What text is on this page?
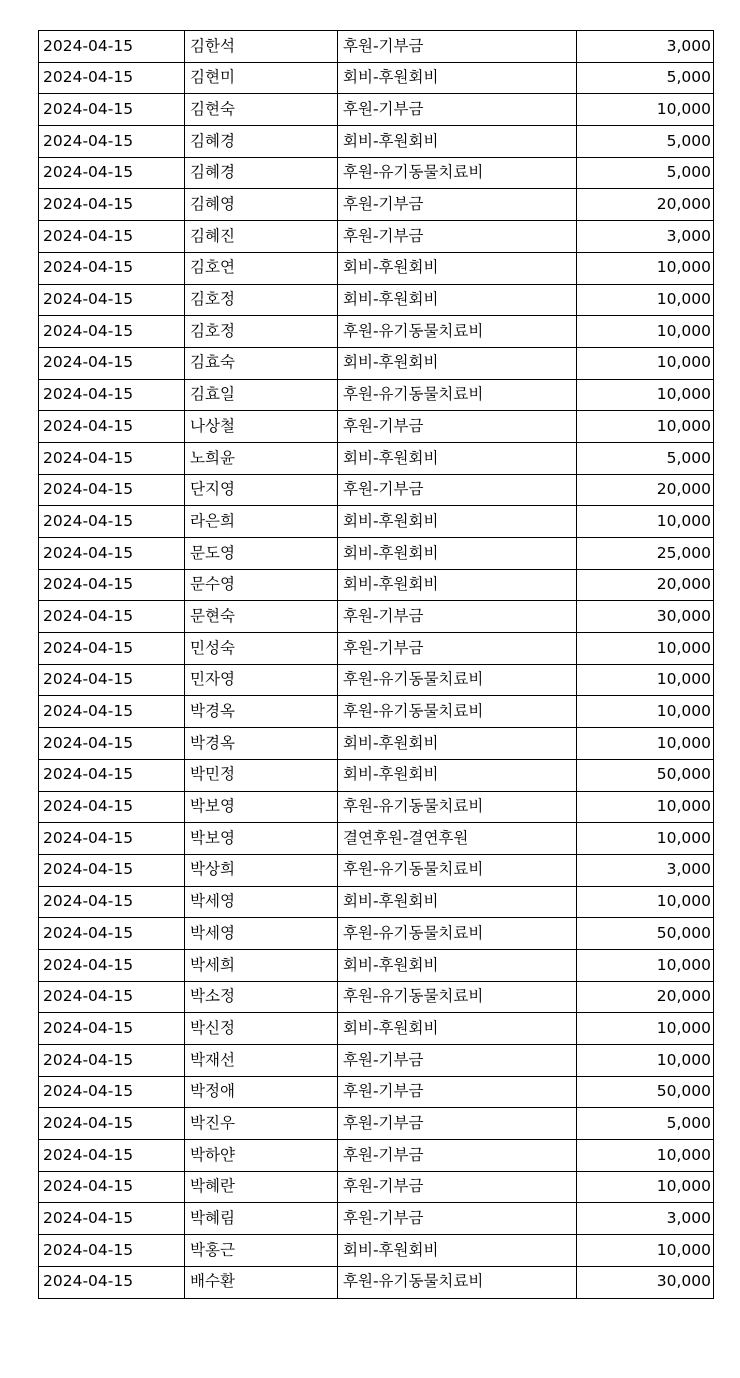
2024-04-15	김한석	후원-기부금	3,000
2024-04-15	김현미	회비-후원회비	5,000
2024-04-15	김현숙	후원-기부금	10,000
2024-04-15	김혜경	회비-후원회비	5,000
2024-04-15	김혜경	후원-유기동물치료비	5,000
2024-04-15	김혜영	후원-기부금	20,000
2024-04-15	김혜진	후원-기부금	3,000
2024-04-15	김호연	회비-후원회비	10,000
2024-04-15	김호정	회비-후원회비	10,000
2024-04-15	김호정	후원-유기동물치료비	10,000
2024-04-15	김효숙	회비-후원회비	10,000
2024-04-15	김효일	후원-유기동물치료비	10,000
2024-04-15	나상철	후원-기부금	10,000
2024-04-15	노희윤	회비-후원회비	5,000
2024-04-15	단지영	후원-기부금	20,000
2024-04-15	라은희	회비-후원회비	10,000
2024-04-15	문도영	회비-후원회비	25,000
2024-04-15	문수영	회비-후원회비	20,000
2024-04-15	문현숙	후원-기부금	30,000
2024-04-15	민성숙	후원-기부금	10,000
2024-04-15	민자영	후원-유기동물치료비	10,000
2024-04-15	박경옥	후원-유기동물치료비	10,000
2024-04-15	박경옥	회비-후원회비	10,000
2024-04-15	박민정	회비-후원회비	50,000
2024-04-15	박보영	후원-유기동물치료비	10,000
2024-04-15	박보영	결연후원-결연후원	10,000
2024-04-15	박상희	후원-유기동물치료비	3,000
2024-04-15	박세영	회비-후원회비	10,000
2024-04-15	박세영	후원-유기동물치료비	50,000
2024-04-15	박세희	회비-후원회비	10,000
2024-04-15	박소정	후원-유기동물치료비	20,000
2024-04-15	박신정	회비-후원회비	10,000
2024-04-15	박재선	후원-기부금	10,000
2024-04-15	박정애	후원-기부금	50,000
2024-04-15	박진우	후원-기부금	5,000
2024-04-15	박하얀	후원-기부금	10,000
2024-04-15	박혜란	후원-기부금	10,000
2024-04-15	박혜림	후원-기부금	3,000
2024-04-15	박홍근	회비-후원회비	10,000
2024-04-15	배수환	후원-유기동물치료비	30,000
